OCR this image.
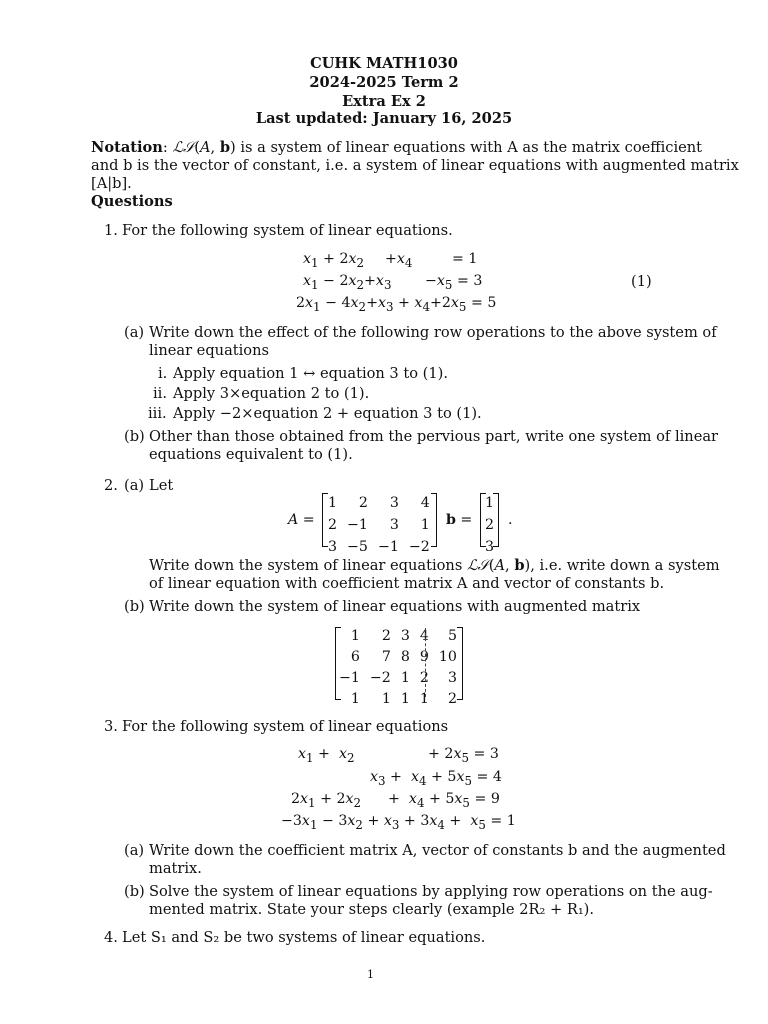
CUHK MATH1030
2024-2025 Term 2
Extra Ex 2
Last updated: January 16, 2025
Notation: ℒ𝒮(A, b) is a system of linear equations with A as the matrix coefficient
and b is the vector of constant, i.e. a system of linear equations with augmented matrix
[A|b].
Questions
1. For the following system of linear equations.
$x_1 + 2x_2 +x_4$	= 1
$x_1 - 2x_2+x_3 -x_5 = 3$
$2x_1 - 4x_2+x_3 + x_4+2x_5 = 5$
(1)
(a) Write down the effect of the following row operations to the above system of
linear equations
i. Apply equation 1 ↔ equation 3 to (1).
ii. Apply 3×equation 2 to (1).
iii. Apply −2×equation 2 + equation 3 to (1).
(b) Other than those obtained from the pervious part, write one system of linear
equations equivalent to (1).
2. (a) Let
A =
1	2	3	4
2	−1	3	1
3	−5	−1	−2
b =
1
2
3
.
Write down the system of linear equations ℒ𝒮(A, b), i.e. write down a system
of linear equation with coefficient matrix A and vector of constants b.
(b) Write down the system of linear equations with augmented matrix
1	2	3	4	5
6	7	8	9	10
−1	−2	1	2	3
1	1	1	1	2
3. For the following system of linear equations
$x_1 + x_2$	+ $2x_5 = 3$
$x_3 + x_4 + 5x_5 = 4$
$2x_1 + 2x_2 + x_4 + 5x_5 = 9$
$-3x_1 - 3x_2 + x_3 + 3x_4 + x_5 = 1$
(a) Write down the coefficient matrix A, vector of constants b and the augmented
matrix.
(b) Solve the system of linear equations by applying row operations on the aug-
mented matrix. State your steps clearly (example 2R₂ + R₁).
4. Let S₁ and S₂ be two systems of linear equations.
1
